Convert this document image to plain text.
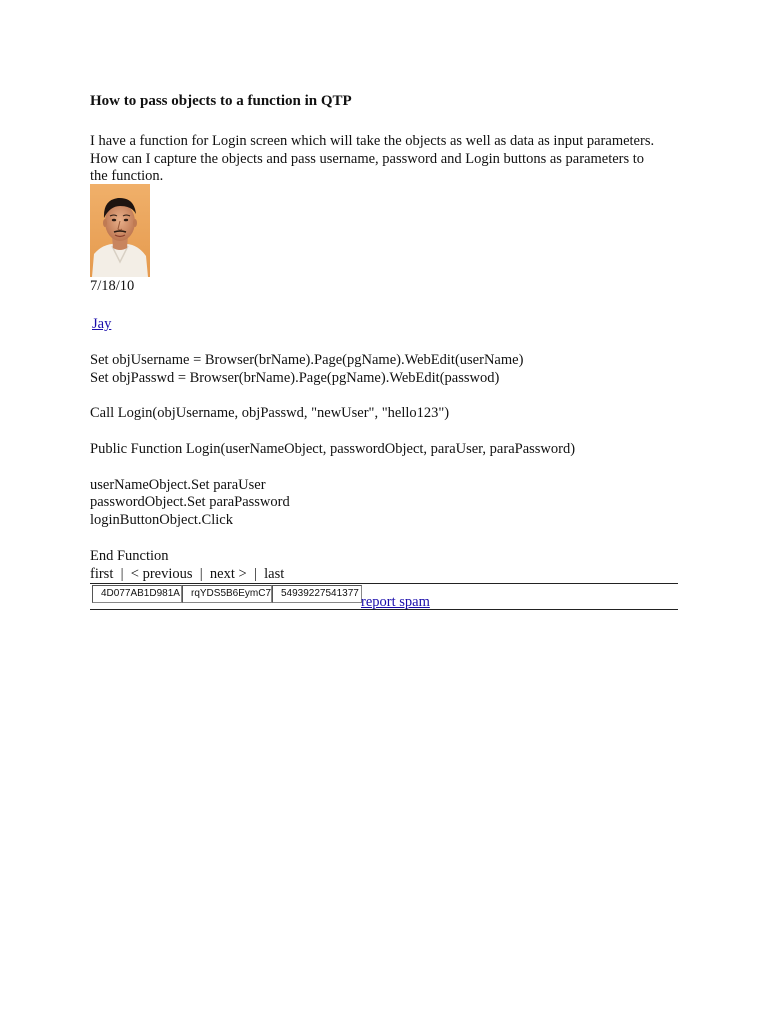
How to pass objects to a function in QTP

I have a function for Login screen which will take the objects as well as data as input parameters.

How can I capture the objects and pass username, password and Login buttons as parameters to

the function.

7/18/10
Jay
Set objUsername = Browser(brName).Page(pgName).WebEdit(userName)
Set objPasswd = Browser(brName).Page(pgName).WebEdit(passwod)
Call Login(objUsername, objPasswd, "newUser", "hello123")
Public Function Login(userNameObject, passwordObject, paraUser, paraPassword)
userNameObject.Set paraUser
passwordObject.Set paraPassword
loginButtonObject.Click
End Function
first | < previous | next > | last
4D077AB1D981A	rqYDS5B6EymC7 54939227541377
report spam
